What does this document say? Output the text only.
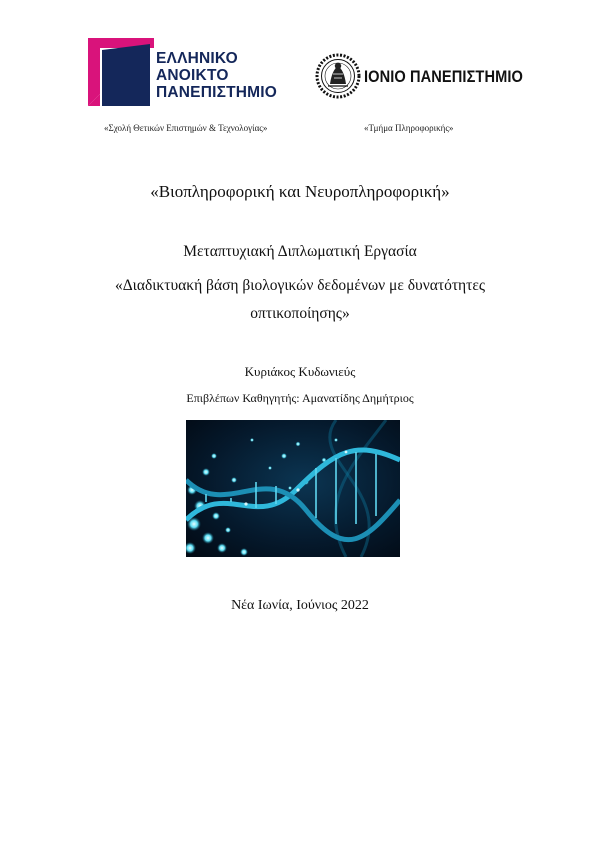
ΕΛΛΗΝΙΚΟ
ΑΝΟΙΚΤΟ
ΠΑΝΕΠΙΣΤΗΜΙΟ
ΙΟΝΙΟ ΠΑΝΕΠΙΣΤΗΜΙΟ
«Σχολή Θετικών Επιστημών & Τεχνολογίας»	«Τμήμα Πληροφορικής»
«Βιοπληροφορική και Νευροπληροφορική»
Μεταπτυχιακή Διπλωματική Εργασία
«Διαδικτυακή βάση βιολογικών δεδομένων με δυνατότητες
οπτικοποίησης»
Κυριάκος Κυδωνιεύς
Επιβλέπων Καθηγητής: Αμανατίδης Δημήτριος
Νέα Ιωνία, Ιούνιος 2022
